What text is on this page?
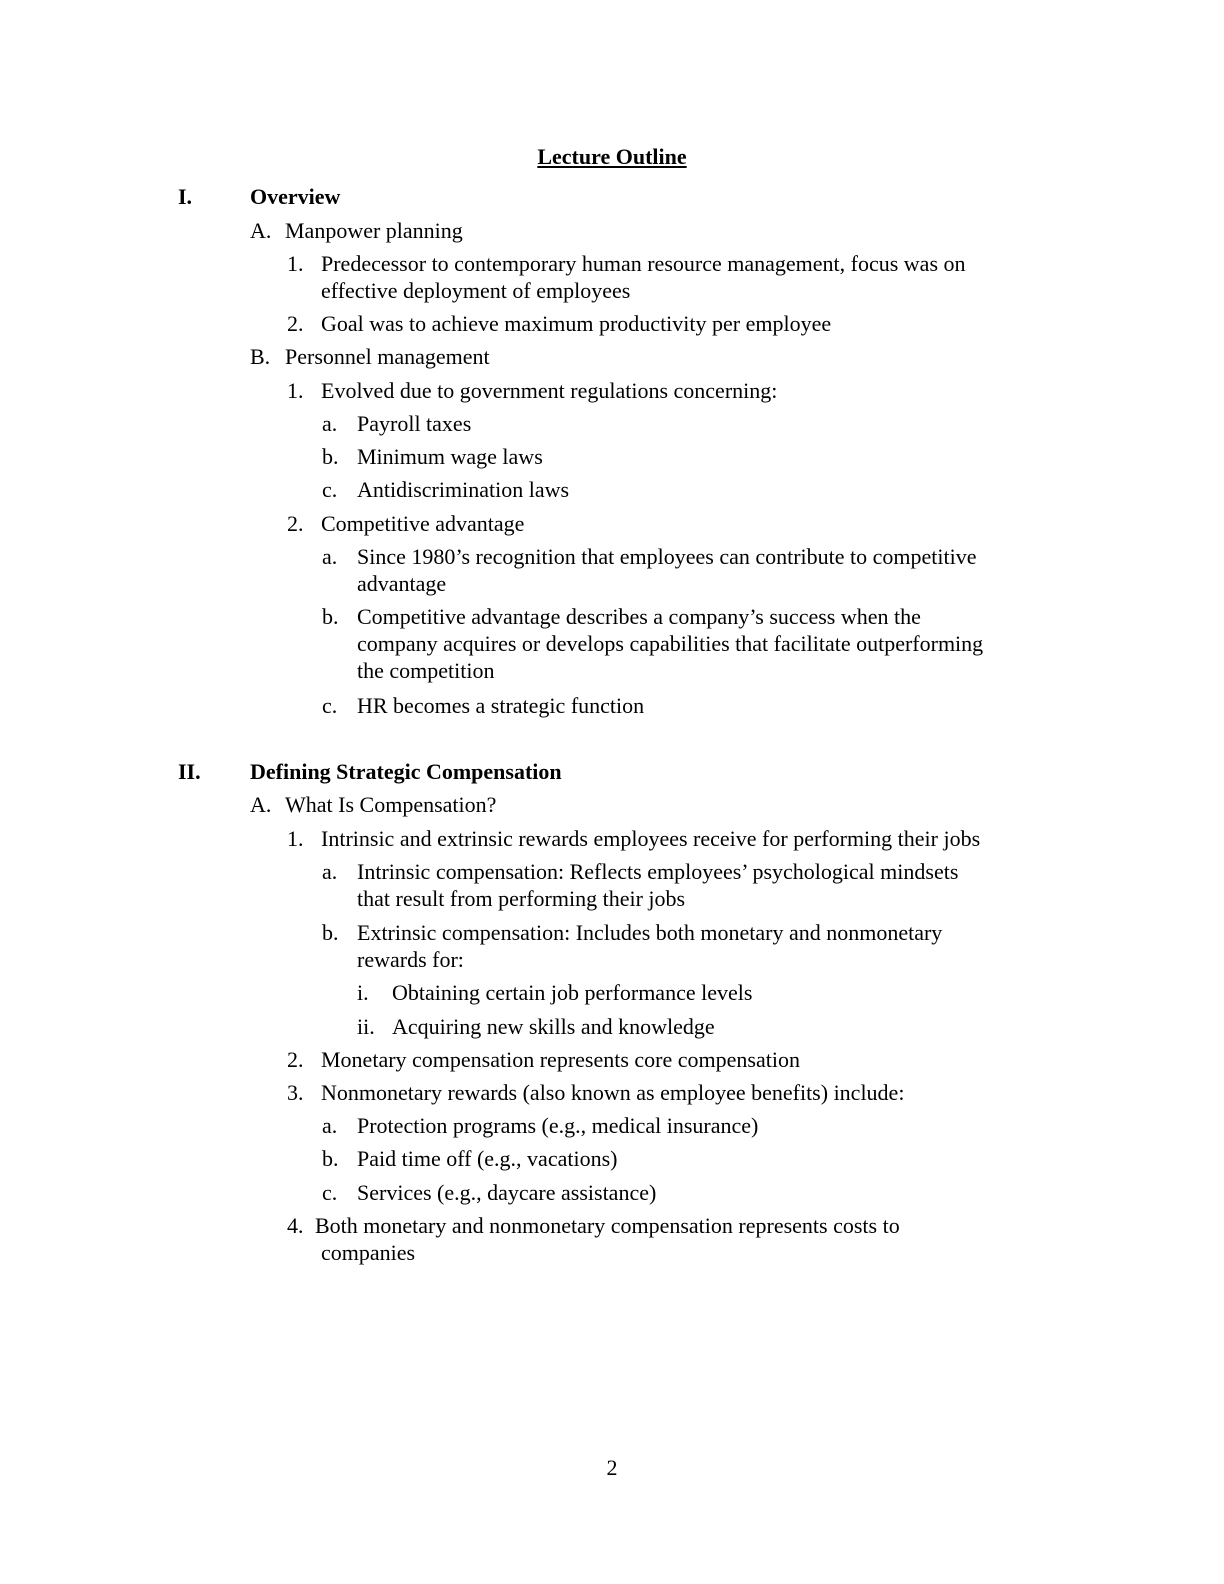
Lecture Outline
I.	Overview
A. Manpower planning
1. Predecessor to contemporary human resource management, focus was on
effective deployment of employees
2. Goal was to achieve maximum productivity per employee
B. Personnel management
1. Evolved due to government regulations concerning:
a. Payroll taxes
b. Minimum wage laws
c. Antidiscrimination laws
2. Competitive advantage
a. Since 1980’s recognition that employees can contribute to competitive
advantage
b. Competitive advantage describes a company’s success when the
company acquires or develops capabilities that facilitate outperforming
the competition
c. HR becomes a strategic function
II. Defining Strategic Compensation
A. What Is Compensation?
1. Intrinsic and extrinsic rewards employees receive for performing their jobs
a. Intrinsic compensation: Reflects employees’ psychological mindsets
that result from performing their jobs
b. Extrinsic compensation: Includes both monetary and nonmonetary
rewards for:
i. Obtaining certain job performance levels
ii. Acquiring new skills and knowledge
2. Monetary compensation represents core compensation
3. Nonmonetary rewards (also known as employee benefits) include:
a. Protection programs (e.g., medical insurance)
b. Paid time off (e.g., vacations)
c. Services (e.g., daycare assistance)
4. Both monetary and nonmonetary compensation represents costs to
companies
2
